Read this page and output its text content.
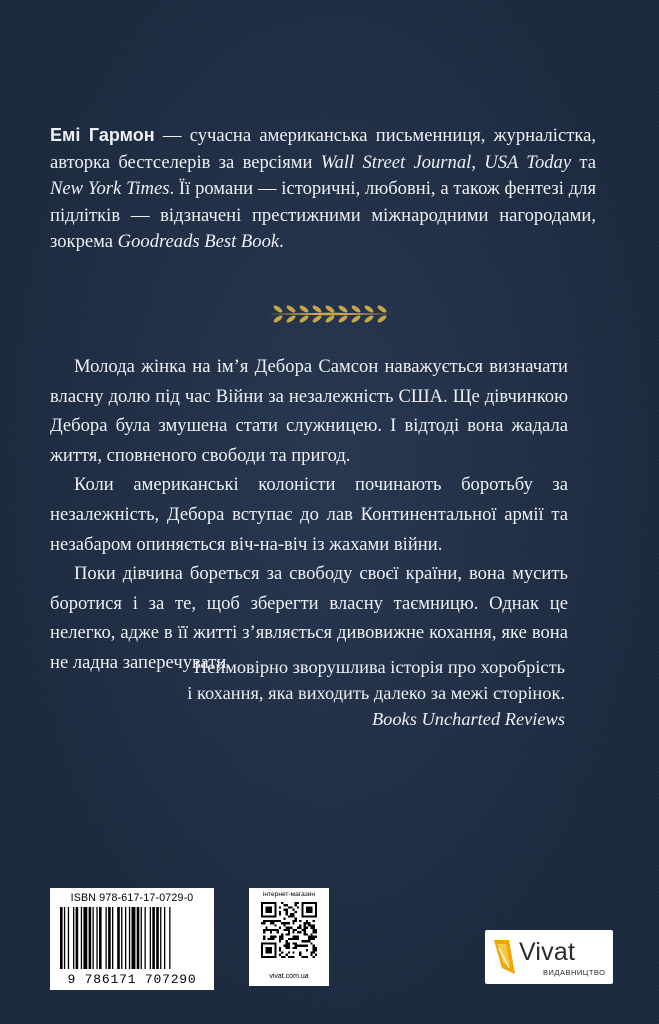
Емі Гармон — сучасна американська письменниця, журналістка, авторка бестселерів за версіями Wall Street Journal, USA Today та New York Times. Її романи — історичні, любовні, а також фентезі для підлітків — відзначені престижними міжнародними нагородами, зокрема Goodreads Best Book.

Молода жінка на ім’я Дебора Самсон наважується визначати власну долю під час Війни за незалежність США. Ще дівчинкою Дебора була змушена стати служницею. І відтоді вона жадала життя, сповненого свободи та пригод.

Коли американські колоністи починають боротьбу за незалежність, Дебора вступає до лав Континентальної армії та незабаром опиняється віч-на-віч із жахами війни.

Поки дівчина бореться за свободу своєї країни, вона мусить боротися і за те, щоб зберегти власну таємницю. Однак це нелегко, адже в її житті з’являється дивовижне кохання, яке вона не ладна заперечувати.

Неймовірно зворушлива історія про хоробрість
і кохання, яка виходить далеко за межі сторінок.
Books Uncharted Reviews
ISBN 978-617-17-0729-0
9 786171 707290
інтернет-магазин
vivat.com.ua
Vivat
ВИДАВНИЦТВО
